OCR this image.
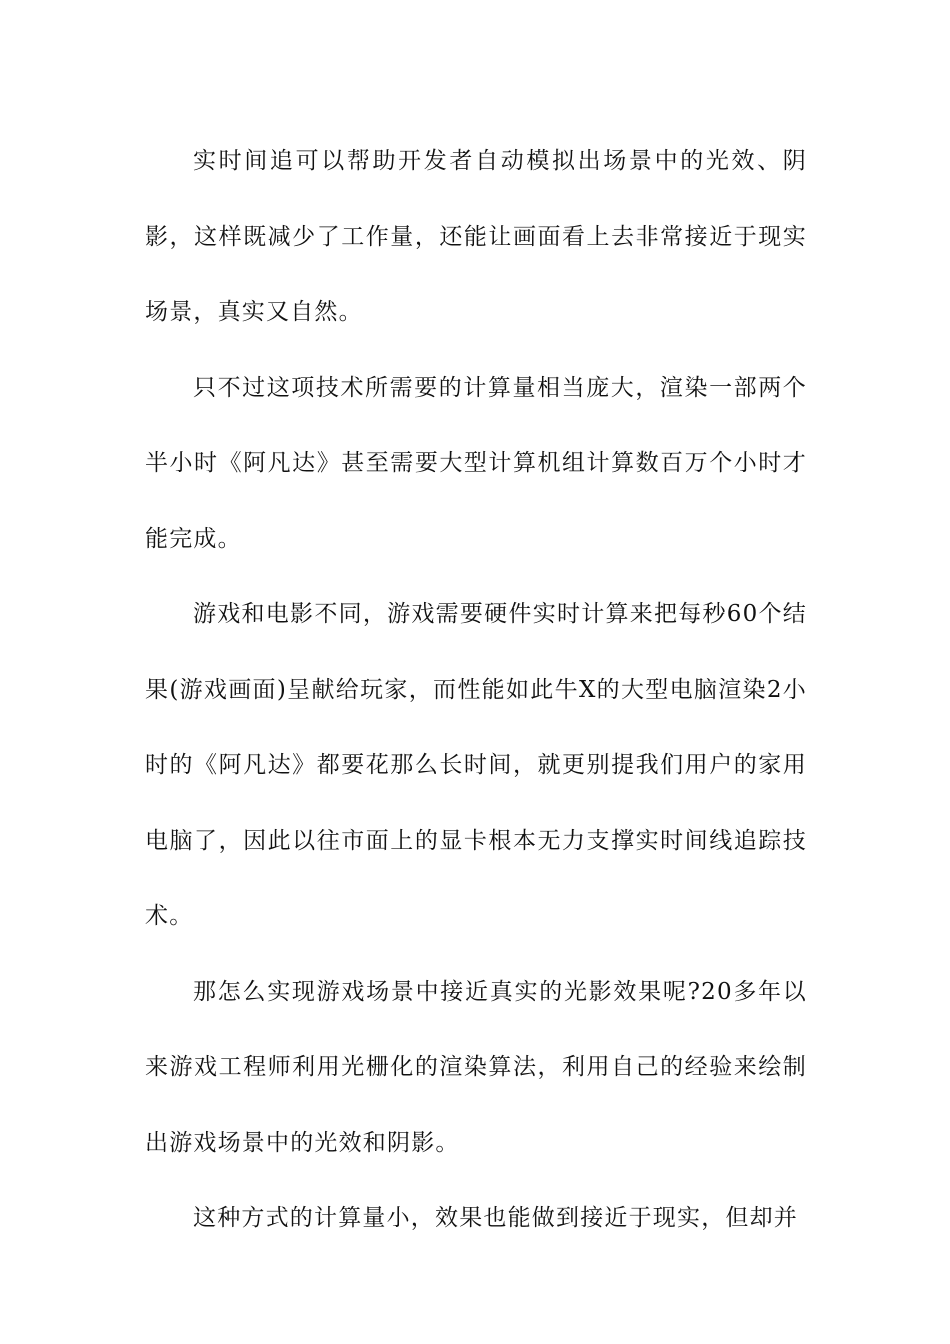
实时间追可以帮助开发者自动模拟出场景中的光效、阴影，这样既减少了工作量，还能让画面看上去非常接近于现实场景，真实又自然。

只不过这项技术所需要的计算量相当庞大，渲染一部两个半小时《阿凡达》甚至需要大型计算机组计算数百万个小时才能完成。

游戏和电影不同，游戏需要硬件实时计算来把每秒60个结果(游戏画面)呈献给玩家，而性能如此牛X的大型电脑渲染2小时的《阿凡达》都要花那么长时间，就更别提我们用户的家用电脑了，因此以往市面上的显卡根本无力支撑实时间线追踪技术。

那怎么实现游戏场景中接近真实的光影效果呢?20多年以来游戏工程师利用光栅化的渲染算法，利用自己的经验来绘制出游戏场景中的光效和阴影。

这种方式的计算量小，效果也能做到接近于现实，但却并
